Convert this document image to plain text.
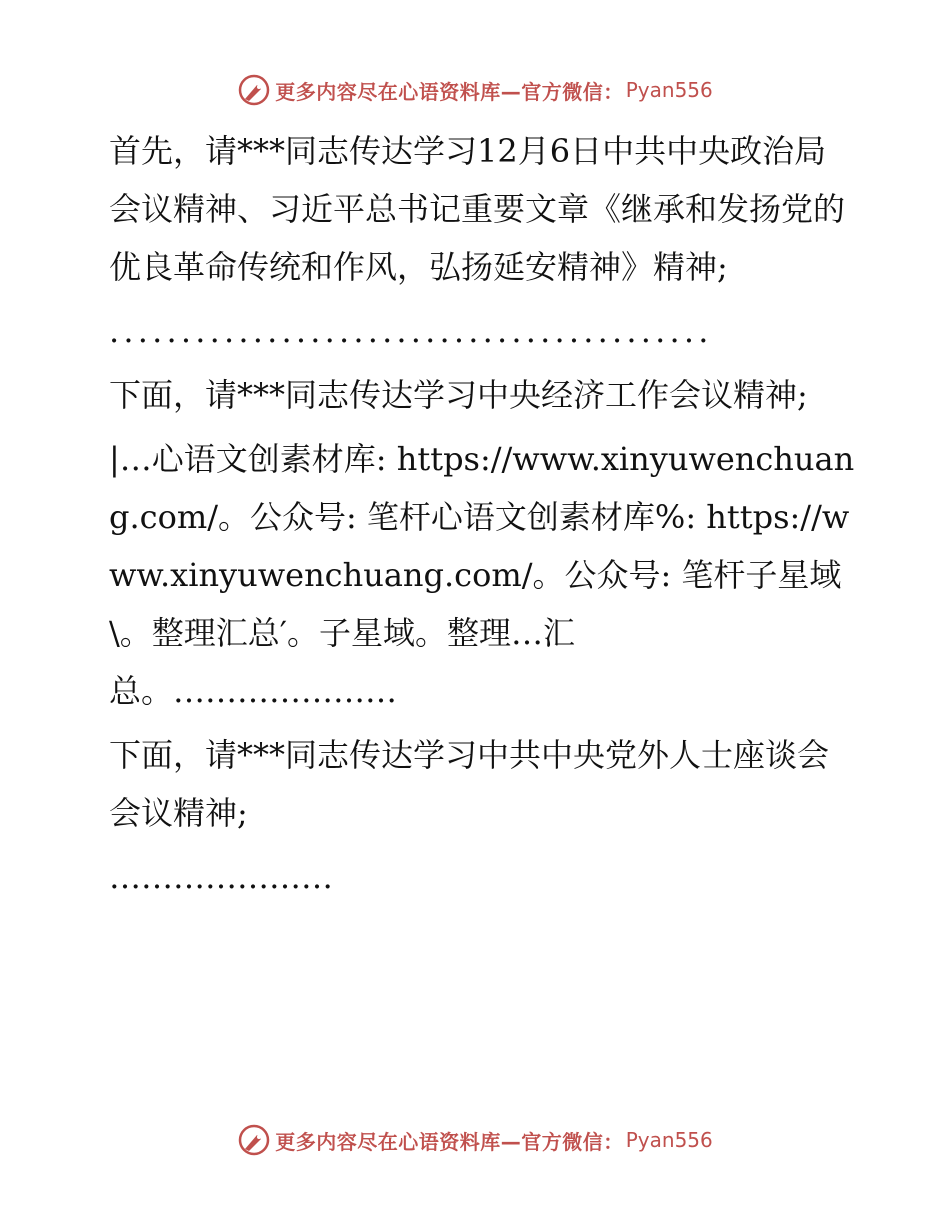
更多内容尽在心语资料库—官方微信： Pyan556

首先，请***同志传达学习12月6日中共中央政治局会议精神、习近平总书记重要文章《继承和发扬党的优良革命传统和作风，弘扬延安精神》精神;

..........................................

下面，请***同志传达学习中央经济工作会议精神;

|…心语文创素材库: https://www.xinyuwenchuang.com/。公众号: 笔杆心语文创素材库%: https://www.xinyuwenchuang.com/。公众号: 笔杆子星域\。整理汇总′。子星域。整理…汇总。…………………

下面，请***同志传达学习中共中央党外人士座谈会会议精神;

…………………

更多内容尽在心语资料库—官方微信： Pyan556
